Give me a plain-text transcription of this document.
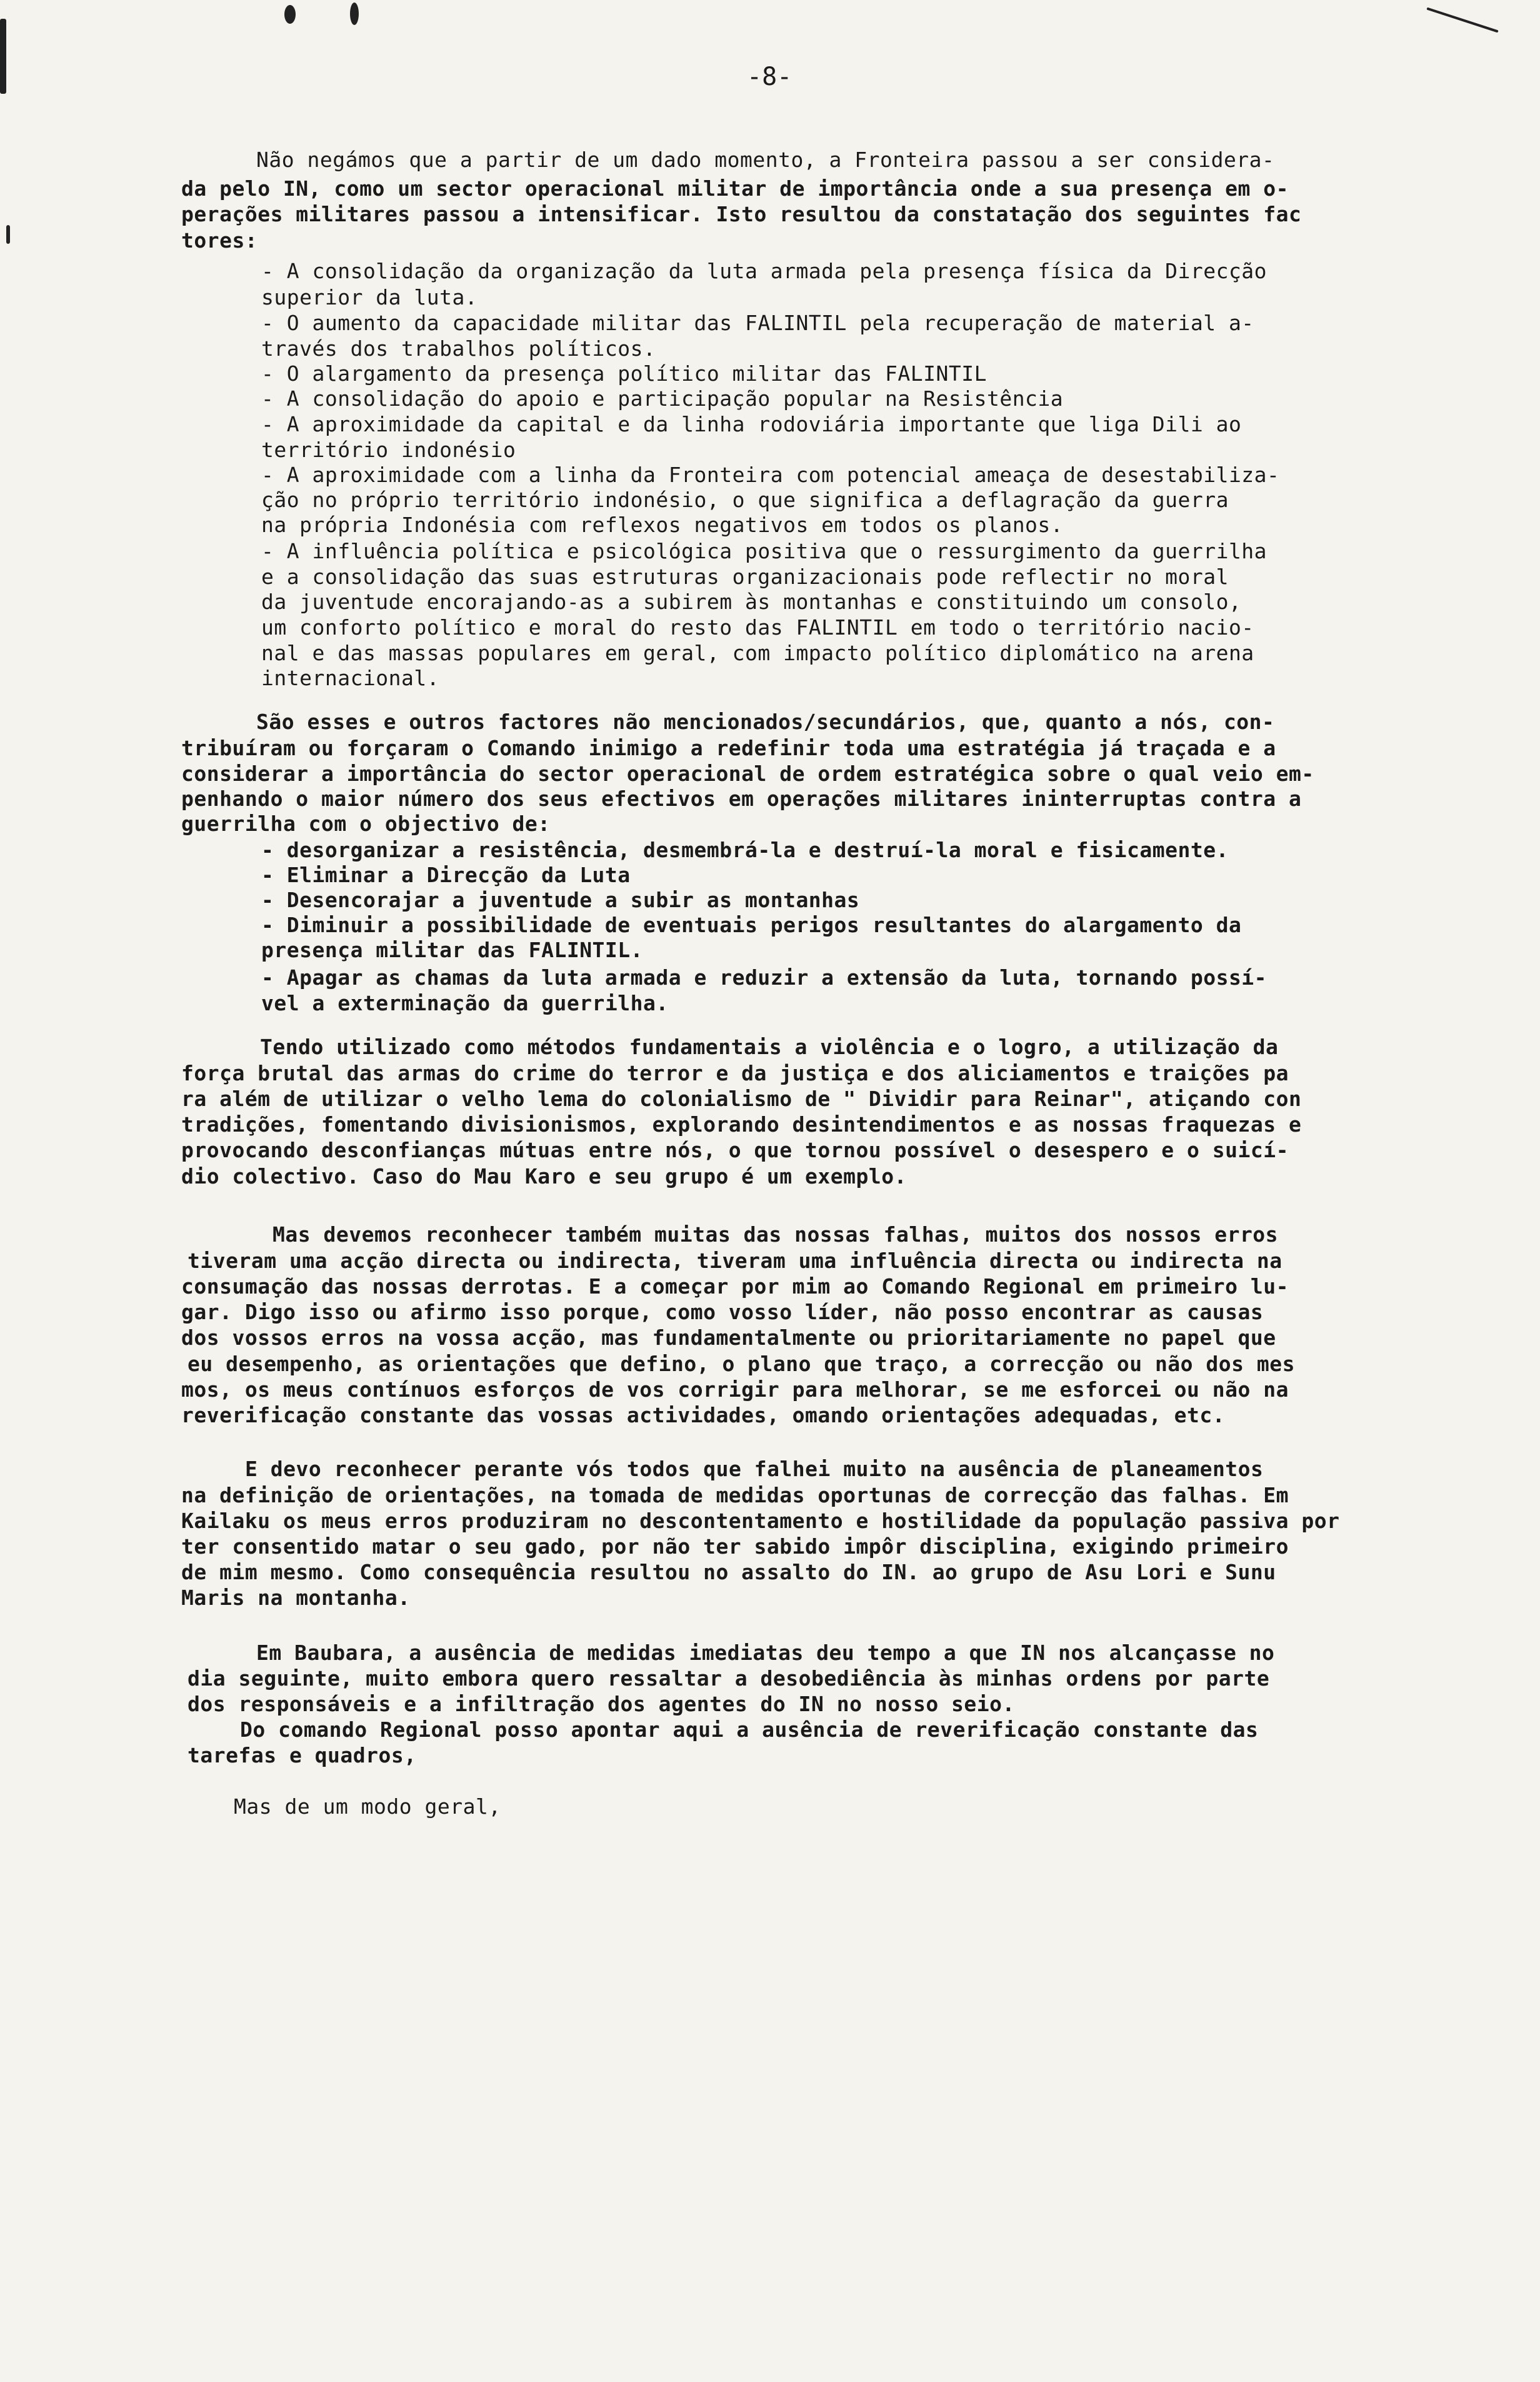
-8-
Não negámos que a partir de um dado momento, a Fronteira passou a ser considera-
da pelo IN, como um sector operacional militar de importância onde a sua presença em o-
perações militares passou a intensificar. Isto resultou da constatação dos seguintes fac
tores:
- A consolidação da organização da luta armada pela presença física da Direcção
superior da luta.
- O aumento da capacidade militar das FALINTIL pela recuperação de material a-
través dos trabalhos políticos.
- O alargamento da presença político militar das FALINTIL
- A consolidação do apoio e participação popular na Resistência
- A aproximidade da capital e da linha rodoviária importante que liga Dili ao
território indonésio
- A aproximidade com a linha da Fronteira com potencial ameaça de desestabiliza-
ção no próprio território indonésio, o que significa a deflagração da guerra
na própria Indonésia com reflexos negativos em todos os planos.
- A influência política e psicológica positiva que o ressurgimento da guerrilha
e a consolidação das suas estruturas organizacionais pode reflectir no moral
da juventude encorajando-as a subirem às montanhas e constituindo um consolo,
um conforto político e moral do resto das FALINTIL em todo o território nacio-
nal e das massas populares em geral, com impacto político diplomático na arena
internacional.
São esses e outros factores não mencionados/secundários, que, quanto a nós, con-
tribuíram ou forçaram o Comando inimigo a redefinir toda uma estratégia já traçada e a
considerar a importância do sector operacional de ordem estratégica sobre o qual veio em-
penhando o maior número dos seus efectivos em operações militares ininterruptas contra a
guerrilha com o objectivo de:
- desorganizar a resistência, desmembrá-la e destruí-la moral e fisicamente.
- Eliminar a Direcção da Luta
- Desencorajar a juventude a subir as montanhas
- Diminuir a possibilidade de eventuais perigos resultantes do alargamento da
presença militar das FALINTIL.
- Apagar as chamas da luta armada e reduzir a extensão da luta, tornando possí-
vel a exterminação da guerrilha.
Tendo utilizado como métodos fundamentais a violência e o logro, a utilização da
força brutal das armas do crime do terror e da justiça e dos aliciamentos e traições pa
ra além de utilizar o velho lema do colonialismo de " Dividir para Reinar", atiçando con
tradições, fomentando divisionismos, explorando desintendimentos e as nossas fraquezas e
provocando desconfianças mútuas entre nós, o que tornou possível o desespero e o suicí-
dio colectivo. Caso do Mau Karo e seu grupo é um exemplo.
Mas devemos reconhecer também muitas das nossas falhas, muitos dos nossos erros
tiveram uma acção directa ou indirecta, tiveram uma influência directa ou indirecta na
consumação das nossas derrotas. E a começar por mim ao Comando Regional em primeiro lu-
gar. Digo isso ou afirmo isso porque, como vosso líder, não posso encontrar as causas
dos vossos erros na vossa acção, mas fundamentalmente ou prioritariamente no papel que
eu desempenho, as orientações que defino, o plano que traço, a correcção ou não dos mes
mos, os meus contínuos esforços de vos corrigir para melhorar, se me esforcei ou não na
reverificação constante das vossas actividades, omando orientações adequadas, etc.
E devo reconhecer perante vós todos que falhei muito na ausência de planeamentos
na definição de orientações, na tomada de medidas oportunas de correcção das falhas. Em
Kailaku os meus erros produziram no descontentamento e hostilidade da população passiva por
ter consentido matar o seu gado, por não ter sabido impôr disciplina, exigindo primeiro
de mim mesmo. Como consequência resultou no assalto do IN. ao grupo de Asu Lori e Sunu
Maris na montanha.
Em Baubara, a ausência de medidas imediatas deu tempo a que IN nos alcançasse no
dia seguinte, muito embora quero ressaltar a desobediência às minhas ordens por parte
dos responsáveis e a infiltração dos agentes do IN no nosso seio.
Do comando Regional posso apontar aqui a ausência de reverificação constante das
tarefas e quadros,
Mas de um modo geral,
